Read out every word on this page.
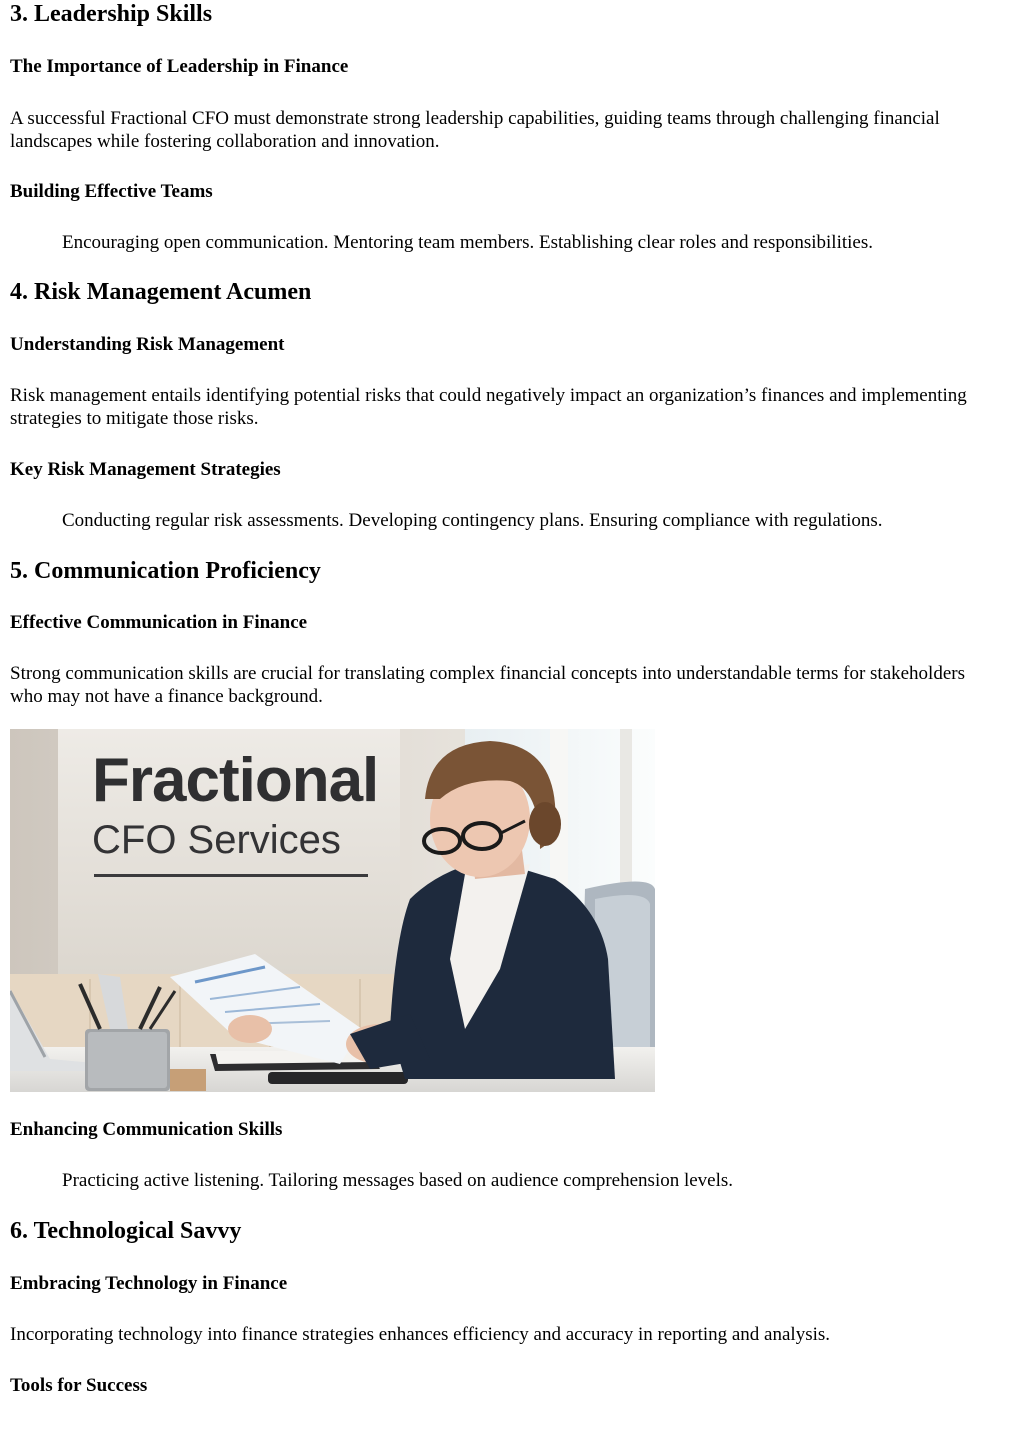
3. Leadership Skills
The Importance of Leadership in Finance

A successful Fractional CFO must demonstrate strong leadership capabilities, guiding teams through challenging financial landscapes while fostering collaboration and innovation.

Building Effective Teams

Encouraging open communication. Mentoring team members. Establishing clear roles and responsibilities.

4. Risk Management Acumen
Understanding Risk Management

Risk management entails identifying potential risks that could negatively impact an organization’s finances and implementing strategies to mitigate those risks.

Key Risk Management Strategies

Conducting regular risk assessments. Developing contingency plans. Ensuring compliance with regulations.

5. Communication Proficiency
Effective Communication in Finance

Strong communication skills are crucial for translating complex financial concepts into understandable terms for stakeholders who may not have a finance background.

Fractional
CFO Services
Enhancing Communication Skills

Practicing active listening. Tailoring messages based on audience comprehension levels.

6. Technological Savvy
Embracing Technology in Finance

Incorporating technology into finance strategies enhances efficiency and accuracy in reporting and analysis.

Tools for Success
